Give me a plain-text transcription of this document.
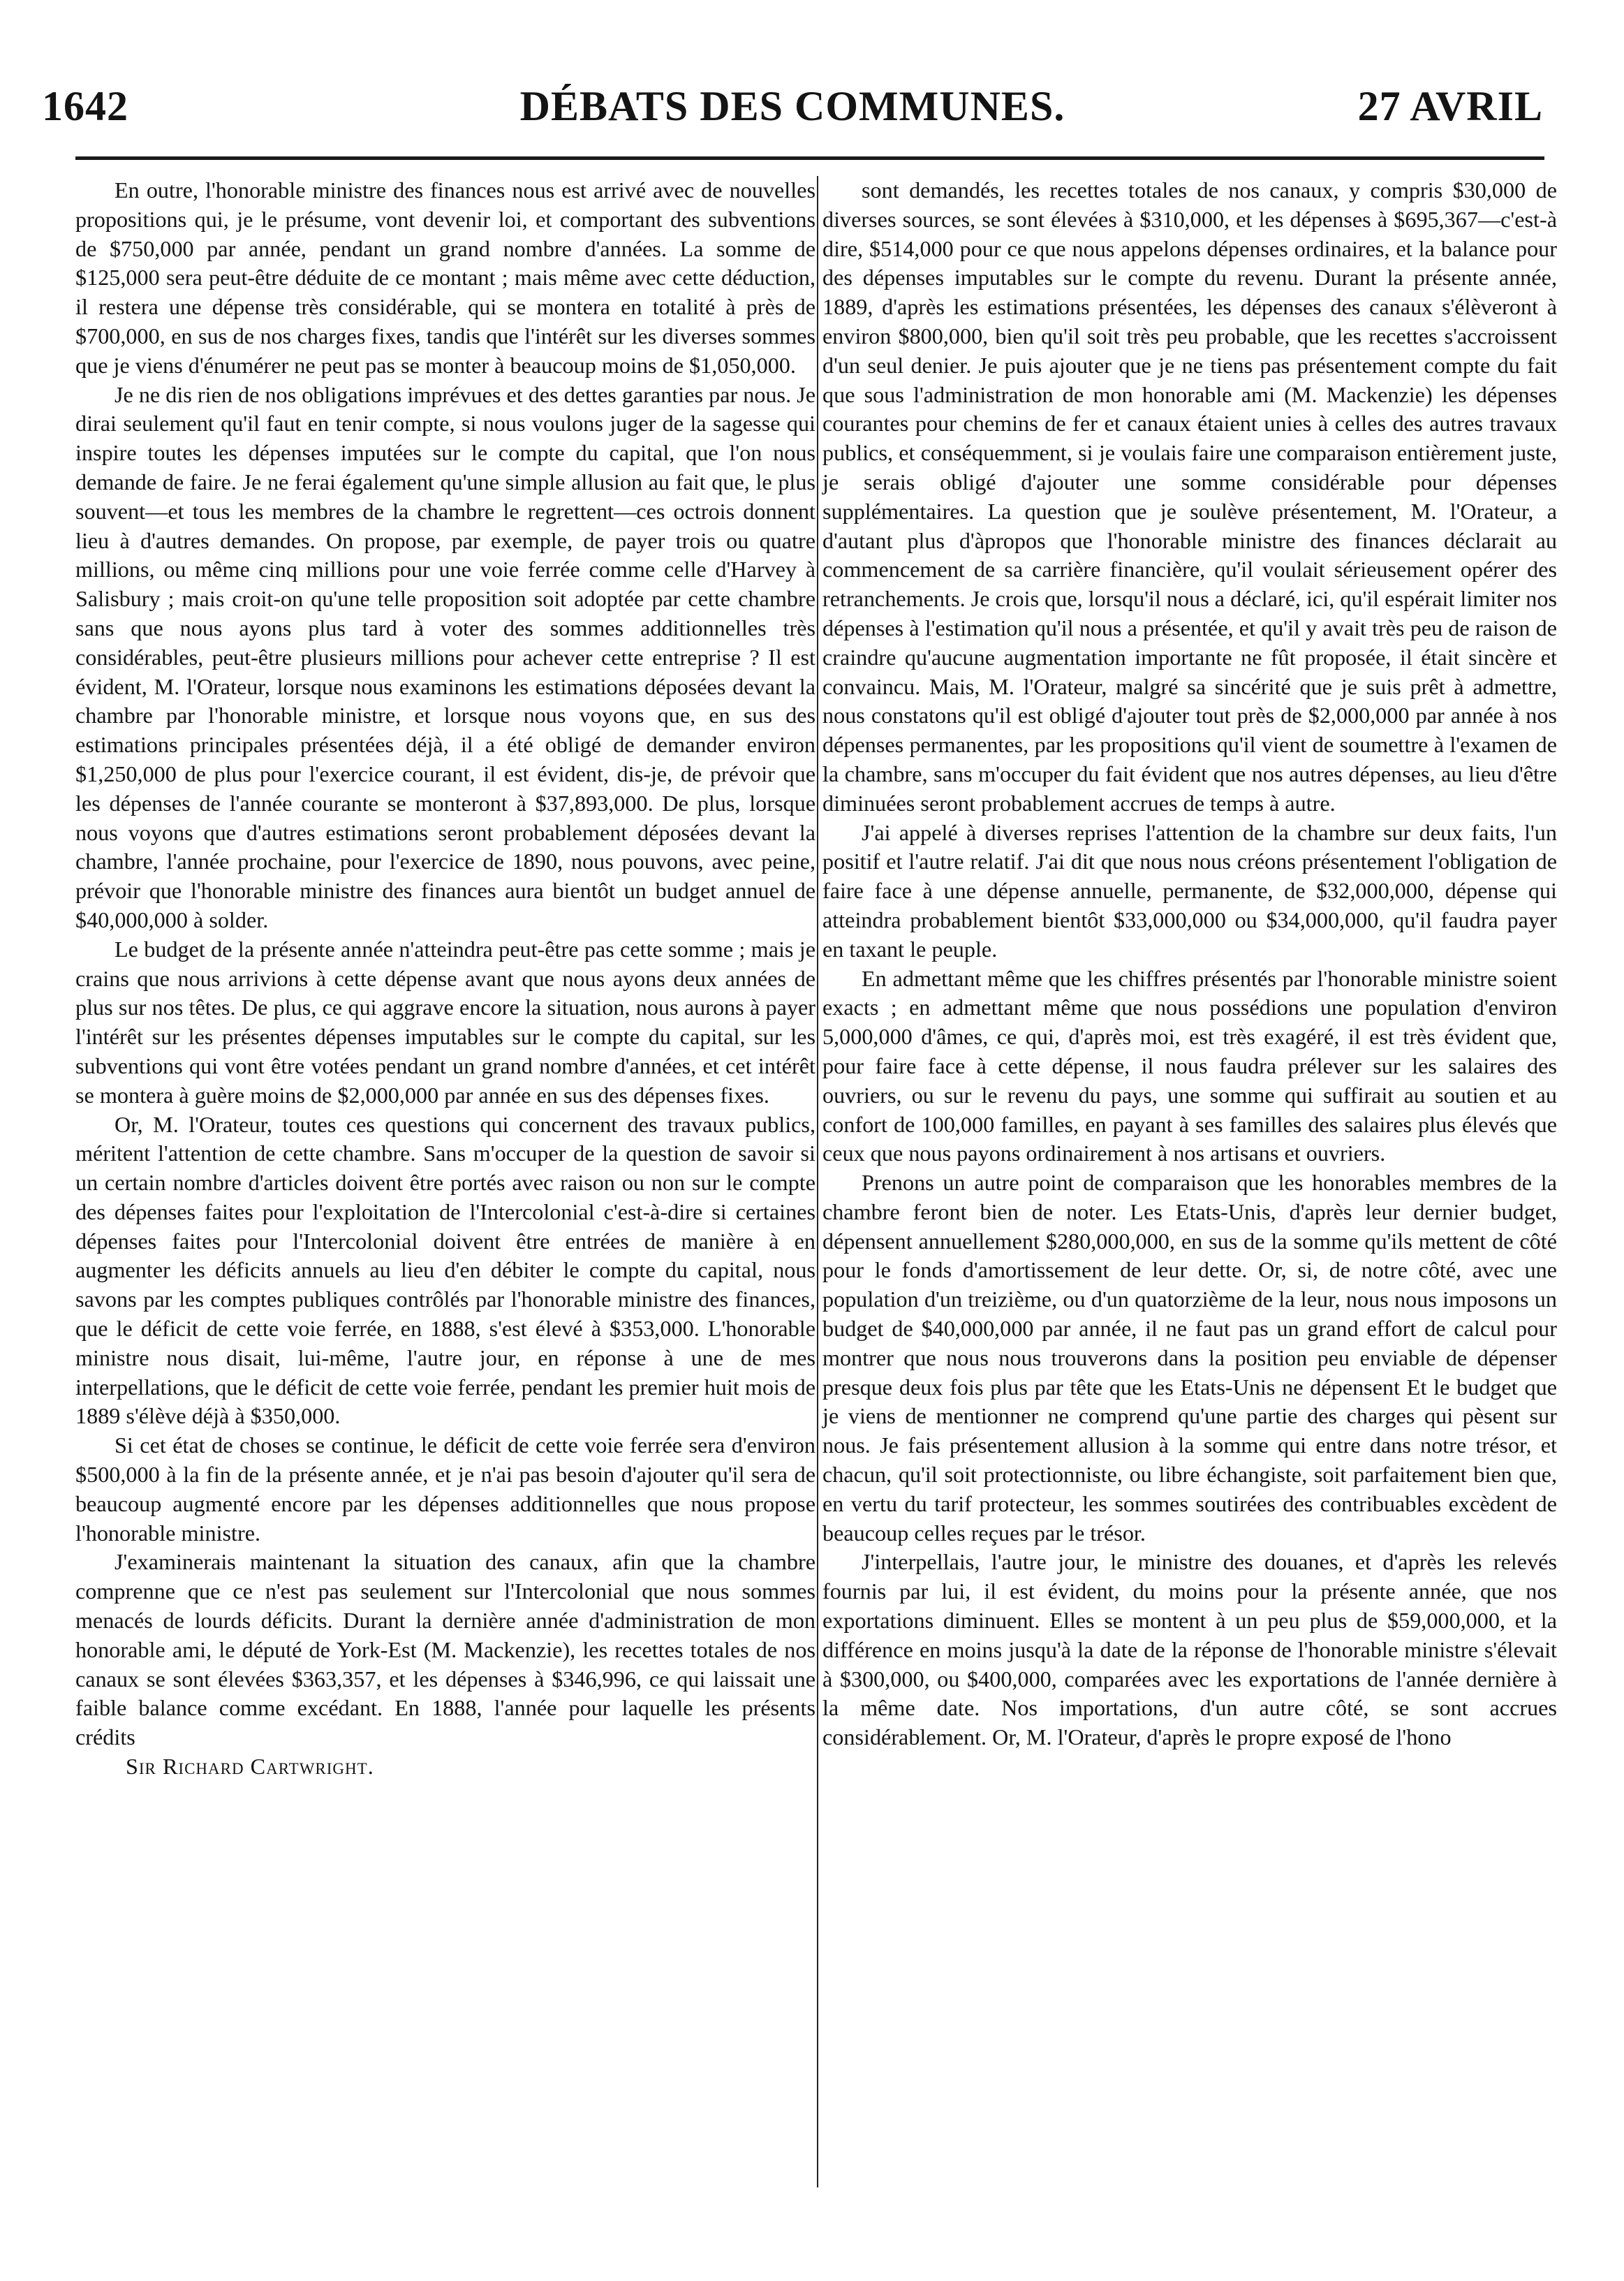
1642	DÉBATS DES COMMUNES.	27 AVRIL

En outre, l'honorable ministre des finances nous est arrivé avec de nouvelles propositions qui, je le présume, vont devenir loi, et comportant des subventions de $750,000 par année, pendant un grand nombre d'années. La somme de $125,000 sera peut-être déduite de ce montant ; mais même avec cette déduction, il restera une dépense très considérable, qui se montera en totalité à près de $700,000, en sus de nos charges fixes, tandis que l'intérêt sur les diverses sommes que je viens d'énumérer ne peut pas se monter à beaucoup moins de $1,050,000.

Je ne dis rien de nos obligations imprévues et des dettes garanties par nous. Je dirai seulement qu'il faut en tenir compte, si nous voulons juger de la sagesse qui inspire toutes les dépenses imputées sur le compte du capital, que l'on nous demande de faire. Je ne ferai également qu'une simple allusion au fait que, le plus souvent—et tous les membres de la chambre le regrettent—ces octrois donnent lieu à d'autres demandes. On propose, par exemple, de payer trois ou quatre millions, ou même cinq millions pour une voie ferrée comme celle d'Harvey à Salisbury ; mais croit-on qu'une telle proposition soit adoptée par cette chambre sans que nous ayons plus tard à voter des sommes additionnelles très considérables, peut-être plusieurs millions pour achever cette entreprise ? Il est évident, M. l'Orateur, lorsque nous examinons les estimations déposées devant la chambre par l'honorable ministre, et lorsque nous voyons que, en sus des estimations principales présentées déjà, il a été obligé de demander environ $1,250,000 de plus pour l'exercice courant, il est évident, dis-je, de prévoir que les dépenses de l'année courante se monteront à $37,893,000. De plus, lorsque nous voyons que d'autres estimations seront probablement déposées devant la chambre, l'année prochaine, pour l'exercice de 1890, nous pouvons, avec peine, prévoir que l'honorable ministre des finances aura bientôt un budget annuel de $40,000,000 à solder.

Le budget de la présente année n'atteindra peut-être pas cette somme ; mais je crains que nous arrivions à cette dépense avant que nous ayons deux années de plus sur nos têtes. De plus, ce qui aggrave encore la situation, nous aurons à payer l'intérêt sur les présentes dépenses imputables sur le compte du capital, sur les subventions qui vont être votées pendant un grand nombre d'années, et cet intérêt se montera à guère moins de $2,000,000 par année en sus des dépenses fixes.

Or, M. l'Orateur, toutes ces questions qui concernent des travaux publics, méritent l'attention de cette chambre. Sans m'occuper de la question de savoir si un certain nombre d'articles doivent être portés avec raison ou non sur le compte des dépenses faites pour l'exploitation de l'Intercolonial c'est-à-dire si certaines dépenses faites pour l'Intercolonial doivent être entrées de manière à en augmenter les déficits annuels au lieu d'en débiter le compte du capital, nous savons par les comptes publiques contrôlés par l'honorable ministre des finances, que le déficit de cette voie ferrée, en 1888, s'est élevé à $353,000. L'honorable ministre nous disait, lui-même, l'autre jour, en réponse à une de mes interpellations, que le déficit de cette voie ferrée, pendant les premier huit mois de 1889 s'élève déjà à $350,000.

Si cet état de choses se continue, le déficit de cette voie ferrée sera d'environ $500,000 à la fin de la présente année, et je n'ai pas besoin d'ajouter qu'il sera de beaucoup augmenté encore par les dépenses additionnelles que nous propose l'honorable ministre.

J'examinerais maintenant la situation des canaux, afin que la chambre comprenne que ce n'est pas seulement sur l'Intercolonial que nous sommes menacés de lourds déficits. Durant la dernière année d'administration de mon honorable ami, le député de York-Est (M. Mackenzie), les recettes totales de nos canaux se sont élevées $363,357, et les dépenses à $346,996, ce qui laissait une faible balance comme excédant. En 1888, l'année pour laquelle les présents crédits

Sir Richard Cartwright.

sont demandés, les recettes totales de nos canaux, y compris $30,000 de diverses sources, se sont élevées à $310,000, et les dépenses à $695,367—c'est-à dire, $514,000 pour ce que nous appelons dépenses ordinaires, et la balance pour des dépenses imputables sur le compte du revenu. Durant la présente année, 1889, d'après les estimations présentées, les dépenses des canaux s'élèveront à environ $800,000, bien qu'il soit très peu probable, que les recettes s'accroissent d'un seul denier. Je puis ajouter que je ne tiens pas présentement compte du fait que sous l'administration de mon honorable ami (M. Mackenzie) les dépenses courantes pour chemins de fer et canaux étaient unies à celles des autres travaux publics, et conséquemment, si je voulais faire une comparaison entièrement juste, je serais obligé d'ajouter une somme considérable pour dépenses supplémentaires. La question que je soulève présentement, M. l'Orateur, a d'autant plus d'àpropos que l'honorable ministre des finances déclarait au commencement de sa carrière financière, qu'il voulait sérieusement opérer des retranchements. Je crois que, lorsqu'il nous a déclaré, ici, qu'il espérait limiter nos dépenses à l'estimation qu'il nous a présentée, et qu'il y avait très peu de raison de craindre qu'aucune augmentation importante ne fût proposée, il était sincère et convaincu. Mais, M. l'Orateur, malgré sa sincérité que je suis prêt à admettre, nous constatons qu'il est obligé d'ajouter tout près de $2,000,000 par année à nos dépenses permanentes, par les propositions qu'il vient de soumettre à l'examen de la chambre, sans m'occuper du fait évident que nos autres dépenses, au lieu d'être diminuées seront probablement accrues de temps à autre.

J'ai appelé à diverses reprises l'attention de la chambre sur deux faits, l'un positif et l'autre relatif. J'ai dit que nous nous créons présentement l'obligation de faire face à une dépense annuelle, permanente, de $32,000,000, dépense qui atteindra probablement bientôt $33,000,000 ou $34,000,000, qu'il faudra payer en taxant le peuple.

En admettant même que les chiffres présentés par l'honorable ministre soient exacts ; en admettant même que nous possédions une population d'environ 5,000,000 d'âmes, ce qui, d'après moi, est très exagéré, il est très évident que, pour faire face à cette dépense, il nous faudra prélever sur les salaires des ouvriers, ou sur le revenu du pays, une somme qui suffirait au soutien et au confort de 100,000 familles, en payant à ses familles des salaires plus élevés que ceux que nous payons ordinairement à nos artisans et ouvriers.

Prenons un autre point de comparaison que les honorables membres de la chambre feront bien de noter. Les Etats-Unis, d'après leur dernier budget, dépensent annuellement $280,000,000, en sus de la somme qu'ils mettent de côté pour le fonds d'amortissement de leur dette. Or, si, de notre côté, avec une population d'un treizième, ou d'un quatorzième de la leur, nous nous imposons un budget de $40,000,000 par année, il ne faut pas un grand effort de calcul pour montrer que nous nous trouverons dans la position peu enviable de dépenser presque deux fois plus par tête que les Etats-Unis ne dépensent Et le budget que je viens de mentionner ne comprend qu'une partie des charges qui pèsent sur nous. Je fais présentement allusion à la somme qui entre dans notre trésor, et chacun, qu'il soit protectionniste, ou libre échangiste, soit parfaitement bien que, en vertu du tarif protecteur, les sommes soutirées des contribuables excèdent de beaucoup celles reçues par le trésor.

J'interpellais, l'autre jour, le ministre des douanes, et d'après les relevés fournis par lui, il est évident, du moins pour la présente année, que nos exportations diminuent. Elles se montent à un peu plus de $59,000,000, et la différence en moins jusqu'à la date de la réponse de l'honorable ministre s'élevait à $300,000, ou $400,000, comparées avec les exportations de l'année dernière à la même date. Nos importations, d'un autre côté, se sont accrues considérablement. Or, M. l'Orateur, d'après le propre exposé de l'hono
